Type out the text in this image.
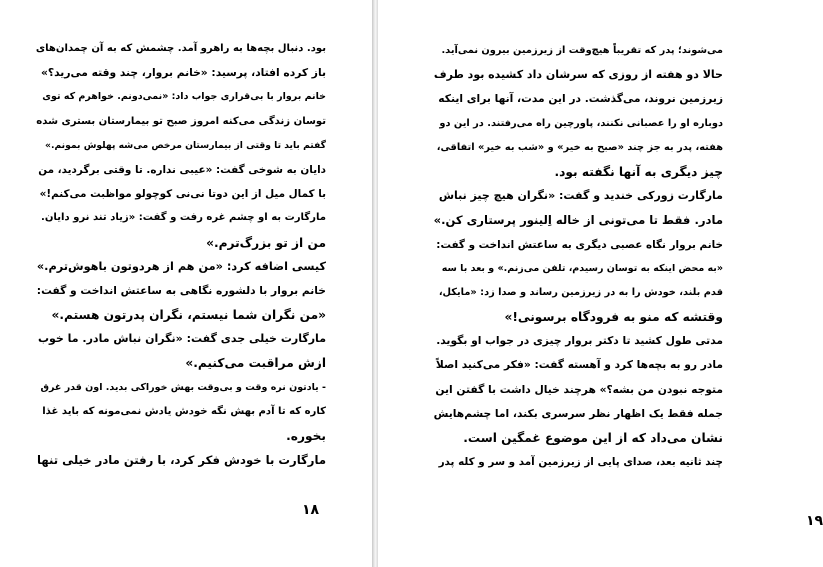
بود. دنبال بچه‌ها به راهرو آمد. چشمش که به آن چمدان‌های
باز کرده افتاد، پرسید: «خانم بروار، چند وقته می‌رید؟»
خانم بروار با بی‌قراری جواب داد: «نمی‌دونم. خواهرم که توی
توسان زندگی می‌کنه امروز صبح تو بیمارستان بستری شده
گفتم باید تا وقتی از بیمارستان مرخص می‌شه پهلوش بمونم.»
دایان به شوخی گفت: «عیبی نداره. تا وقتی برگردید، من
با کمال میل از این دوتا نی‌نی کوچولو مواظبت می‌کنم!»
مارگارت به او چشم غره رفت و گفت: «زیاد تند نرو دایان.
من از تو بزرگ‌ترم.»
کیسی اضافه کرد: «من هم از هردوتون باهوش‌ترم.»
خانم بروار با دلشوره نگاهی به ساعتش انداخت و گفت:
«من نگران شما نیستم، نگران پدرتون هستم.»
مارگارت خیلی جدی گفت: «نگران نباش مادر. ما خوب
ازش مراقبت می‌کنیم.»
- یادتون نره وقت و بی‌وقت بهش خوراکی بدید. اون قدر غرق
کاره که تا آدم بهش نگه خودش یادش نمی‌مونه که باید غذا
بخوره.
مارگارت با خودش فکر کرد، با رفتن مادر خیلی تنها
۱۸
می‌شوند؛ پدر که تقریباً هیچ‌وقت از زیرزمین بیرون نمی‌آید.
حالا دو هفته از روزی که سرشان داد کشیده بود طرف
زیرزمین نروند، می‌گذشت. در این مدت، آنها برای اینکه
دوباره او را عصبانی نکنند، پاورچین راه می‌رفتند. در این دو
هفته، پدر به جز چند «صبح به خیر» و «شب به خیر» اتفاقی،
چیز دیگری به آنها نگفته بود.
مارگارت زورکی خندید و گفت: «نگران هیچ چیز نباش
مادر. فقط تا می‌تونی از خاله اِلینور پرستاری کن.»
خانم بروار نگاه عصبی دیگری به ساعتش انداخت و گفت:
«به محض اینکه به توسان رسیدم، تلفن می‌زنم.» و بعد با سه
قدم بلند، خودش را به در زیرزمین رساند و صدا زد: «مایکل،
وقتشه که منو به فرودگاه برسونی!»
مدتی طول کشید تا دکتر بروار چیزی در جواب او بگوید.
مادر رو به بچه‌ها کرد و آهسته گفت: «فکر می‌کنید اصلاً
متوجه نبودن من بشه؟» هرچند خیال داشت با گفتن این
جمله فقط یک اظهار نظر سرسری بکند، اما چشم‌هایش
نشان می‌داد که از این موضوع غمگین است.
چند ثانیه بعد، صدای پایی از زیرزمین آمد و سر و کله پدر
۱۹
